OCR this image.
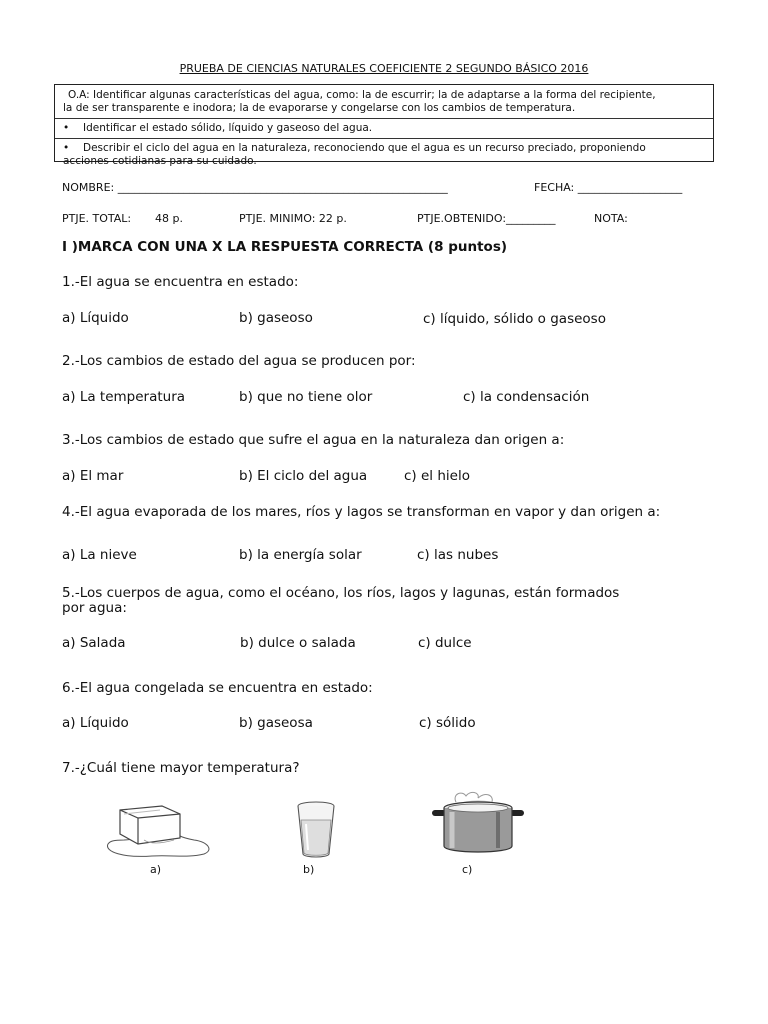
PRUEBA DE CIENCIAS NATURALES COEFICIENTE 2 SEGUNDO BÁSICO 2016

O.A: Identificar algunas características del agua, como: la de escurrir; la de adaptarse a la forma del recipiente,

la de ser transparente e inodora; la de evaporarse y congelarse con los cambios de temperatura.

• Identificar el estado sólido, líquido y gaseoso del agua.

• Describir el ciclo del agua en la naturaleza, reconociendo que el agua es un recurso preciado, proponiendo

acciones cotidianas para su cuidado.

NOMBRE: ____________________________________________________________	FECHA: ___________________
PTJE. TOTAL: 48 p.	PTJE. MINIMO: 22 p.	PTJE.OBTENIDO:_________	NOTA:
I )MARCA CON UNA X LA RESPUESTA CORRECTA (8 puntos)
1.-El agua se encuentra en estado:
a) Líquido	b) gaseoso	c) líquido, sólido o gaseoso
2.-Los cambios de estado del agua se producen por:
a) La temperatura	b) que no tiene olor	c) la condensación
3.-Los cambios de estado que sufre el agua en la naturaleza dan origen a:
a) El mar	b) El ciclo del agua	c) el hielo
4.-El agua evaporada de los mares, ríos y lagos se transforman en vapor y dan origen a:
a) La nieve	b) la energía solar	c) las nubes
5.-Los cuerpos de agua, como el océano, los ríos, lagos y lagunas, están formados
por agua:
a) Salada	b) dulce o salada	c) dulce
6.-El agua congelada se encuentra en estado:
a) Líquido	b) gaseosa	c) sólido
7.-¿Cuál tiene mayor temperatura?
a)	b)	c)
